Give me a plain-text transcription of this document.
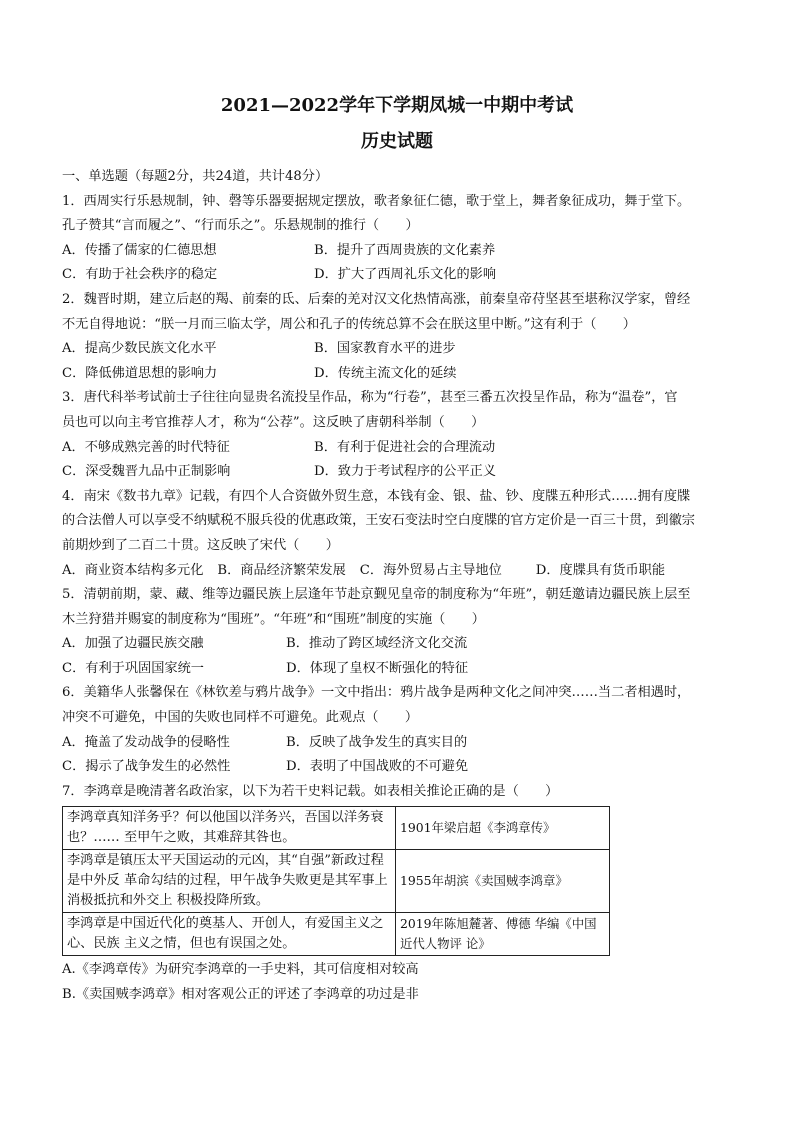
2021—2022学年下学期凤城一中期中考试

历史试题

一、单选题（每题2分，共24道，共计48分）

1．西周实行乐悬规制，钟、磬等乐器要据规定摆放，歌者象征仁德，歌于堂上，舞者象征成功，舞于堂下。

孔子赞其“言而履之”、“行而乐之”。乐悬规制的推行（　　）

A．传播了儒家的仁德思想	B．提升了西周贵族的文化素养
C．有助于社会秩序的稳定	D．扩大了西周礼乐文化的影响

2．魏晋时期，建立后赵的羯、前秦的氐、后秦的羌对汉文化热情高涨，前秦皇帝苻坚甚至堪称汉学家，曾经

不无自得地说：“朕一月而三临太学，周公和孔子的传统总算不会在朕这里中断。”这有利于（　　）

A．提高少数民族文化水平	B．国家教育水平的进步
C．降低佛道思想的影响力	D．传统主流文化的延续

3．唐代科举考试前士子往往向显贵名流投呈作品，称为“行卷”，甚至三番五次投呈作品，称为“温卷”，官

员也可以向主考官推荐人才，称为“公荐”。这反映了唐朝科举制（　　）

A．不够成熟完善的时代特征	B．有利于促进社会的合理流动
C．深受魏晋九品中正制影响	D．致力于考试程序的公平正义

4．南宋《数书九章》记载，有四个人合资做外贸生意，本钱有金、银、盐、钞、度牒五种形式……拥有度牒

的合法僧人可以享受不纳赋税不服兵役的优惠政策，王安石变法时空白度牒的官方定价是一百三十贯，到徽宗

前期炒到了二百二十贯。这反映了宋代（　　）

A．商业资本结构多元化 B．商品经济繁荣发展 C．海外贸易占主导地位	D．度牒具有货币职能

5．清朝前期，蒙、藏、维等边疆民族上层逢年节赴京觐见皇帝的制度称为“年班”，朝廷邀请边疆民族上层至

木兰狩猎并赐宴的制度称为“围班”。“年班”和“围班”制度的实施（　　）

A．加强了边疆民族交融	B．推动了跨区域经济文化交流
C．有利于巩固国家统一	D．体现了皇权不断强化的特征

6．美籍华人张馨保在《林钦差与鸦片战争》一文中指出：鸦片战争是两种文化之间冲突……当二者相遇时，

冲突不可避免，中国的失败也同样不可避免。此观点（　　）

A．掩盖了发动战争的侵略性	B．反映了战争发生的真实目的
C．揭示了战争发生的必然性	D．表明了中国战败的不可避免

7．李鸿章是晚清著名政治家，以下为若干史料记载。如表相关推论正确的是（　　）

李鸿章真知洋务乎？何以他国以洋务兴，吾国以洋务衰也？…… 至甲午之败，其难辞其咎也。	1901年梁启超《李鸿章传》
李鸿章是镇压太平天国运动的元凶，其“自强”新政过程是中外反 革命勾结的过程，甲午战争失败更是其军事上消极抵抗和外交上 积极投降所致。	1955年胡滨《卖国贼李鸿章》
李鸿章是中国近代化的奠基人、开创人，有爱国主义之心、民族 主义之情，但也有误国之处。	2019年陈旭麓著、傅德 华编《中国近代人物评 论》

A.《李鸿章传》为研究李鸿章的一手史料，其可信度相对较高

B.《卖国贼李鸿章》相对客观公正的评述了李鸿章的功过是非
